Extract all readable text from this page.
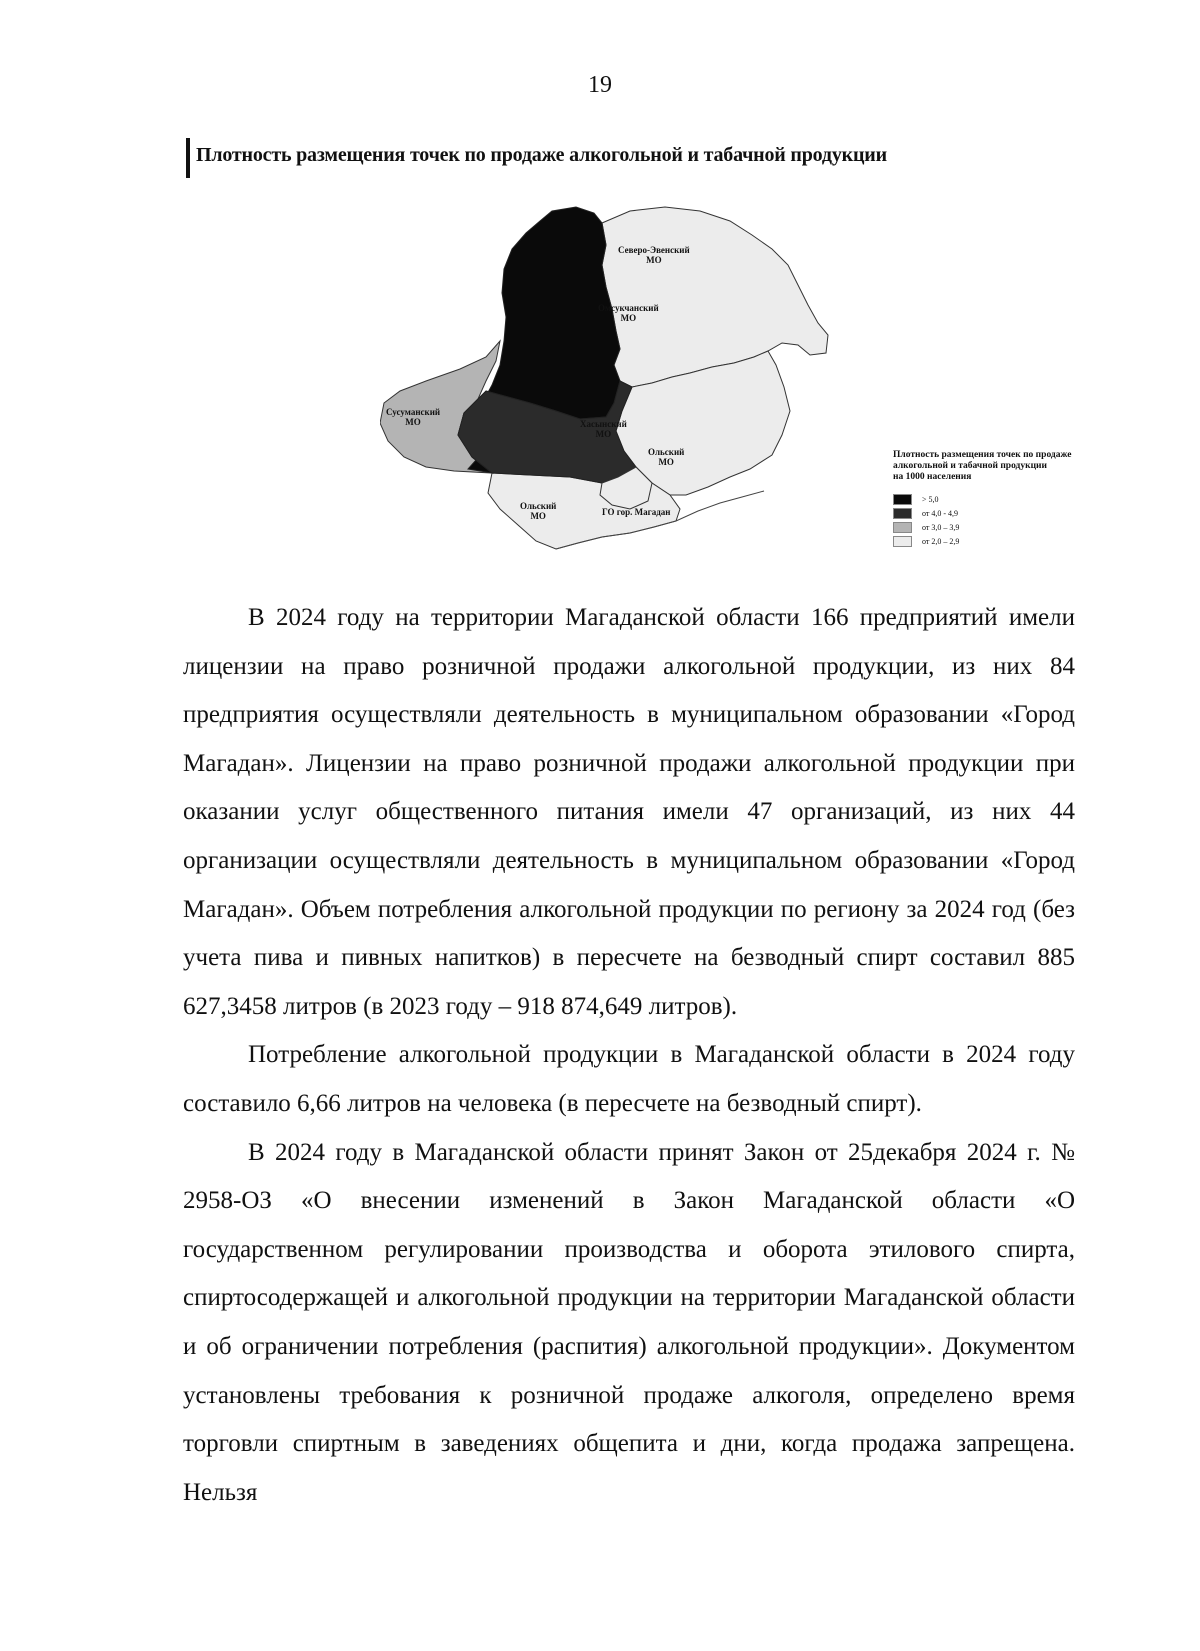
19
Плотность размещения точек по продаже алкогольной и табачной продукции
Северо-Эвенский
МО
Омсукчанский
МО
Сусуманский
МО	Хасынский
МО
Ольский
МО
Ольский
МО	ГО гор. Магадан
Плотность размещения точек по продаже
алкогольной и табачной продукции
на 1000 населения
> 5,0
от 4,0 - 4,9
от 3,0 – 3,9
от 2,0 – 2,9

В 2024 году на территории Магаданской области 166 предприятий имели лицензии на право розничной продажи алкогольной продукции, из них 84 предприятия осуществляли деятельность в муниципальном образовании «Город Магадан». Лицензии на право розничной продажи алкогольной продукции при оказании услуг общественного питания имели 47 организаций, из них 44 организации осуществляли деятельность в муниципальном образовании «Город Магадан». Объем потребления алкогольной продукции по региону за 2024 год (без учета пива и пивных напитков) в пересчете на безводный спирт составил 885 627,3458 литров (в 2023 году – 918 874,649 литров).

Потребление алкогольной продукции в Магаданской области в 2024 году составило 6,66 литров на человека (в пересчете на безводный спирт).

В 2024 году в Магаданской области принят Закон от 25декабря 2024 г. № 2958-ОЗ «О внесении изменений в Закон Магаданской области «О государственном регулировании производства и оборота этилового спирта, спиртосодержащей и алкогольной продукции на территории Магаданской области и об ограничении потребления (распития) алкогольной продукции». Документом установлены требования к розничной продаже алкоголя, определено время торговли спиртным в заведениях общепита и дни, когда продажа запрещена. Нельзя
